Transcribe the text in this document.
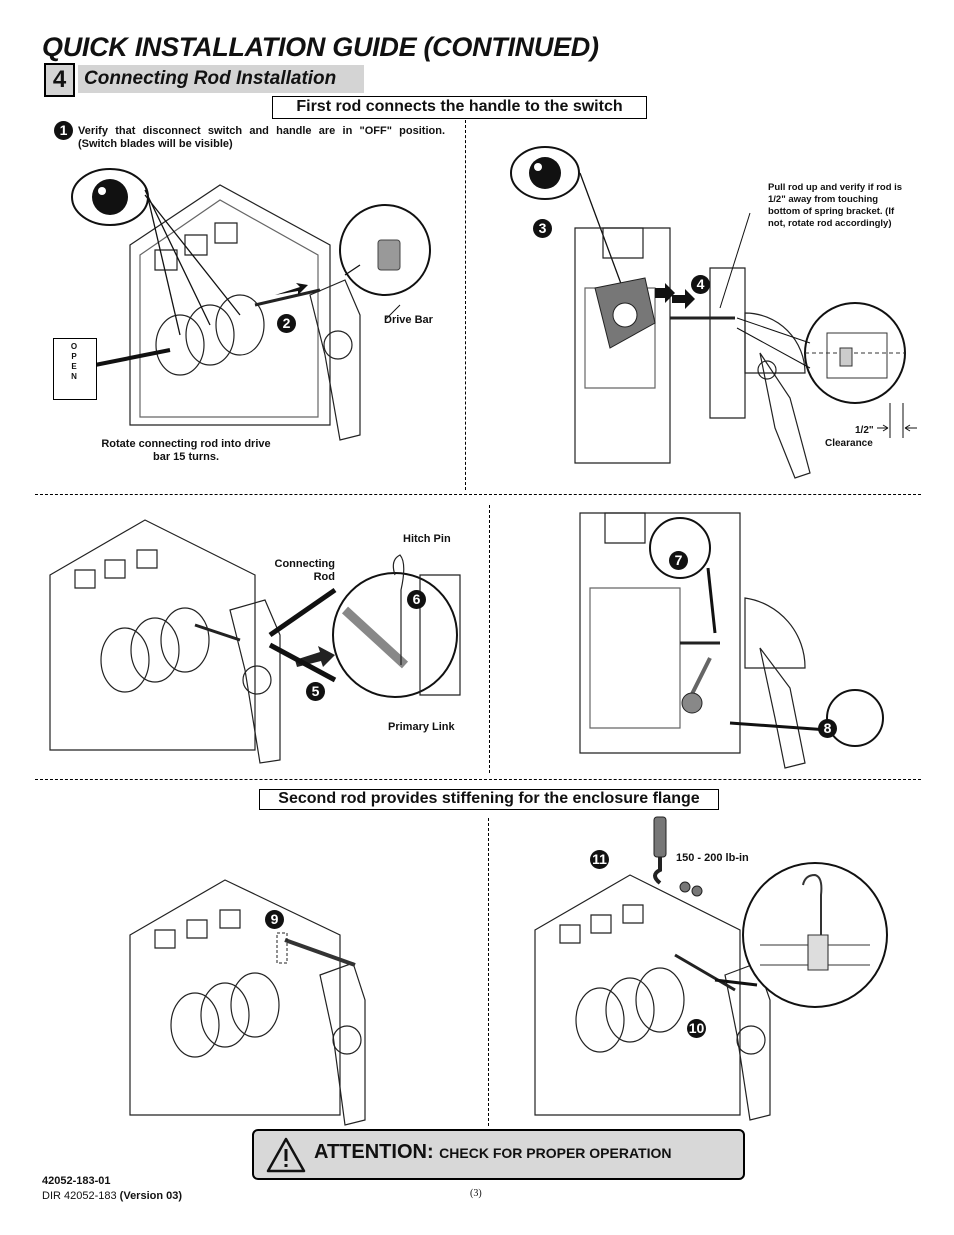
QUICK INSTALLATION GUIDE (CONTINUED)
4 Connecting Rod Installation
First rod connects the handle to the switch
1 Verify that disconnect switch and handle are in "OFF" position. (Switch blades will be visible)
OPEN
2	Drive Bar
Rotate connecting rod into drive bar 15 turns.
3
4
Pull rod up and verify if rod is 1/2" away from touching bottom of spring bracket. (If not, rotate rod accordingly)
1/2"
Clearance
Hitch Pin
Connecting Rod
Primary Link
6
5
7
8
Second rod provides stiffening for the enclosure flange
9
11
10
150 - 200 lb-in
ATTENTION: CHECK FOR PROPER OPERATION
42052-183-01
DIR 42052-183 (Version 03)	(3)
